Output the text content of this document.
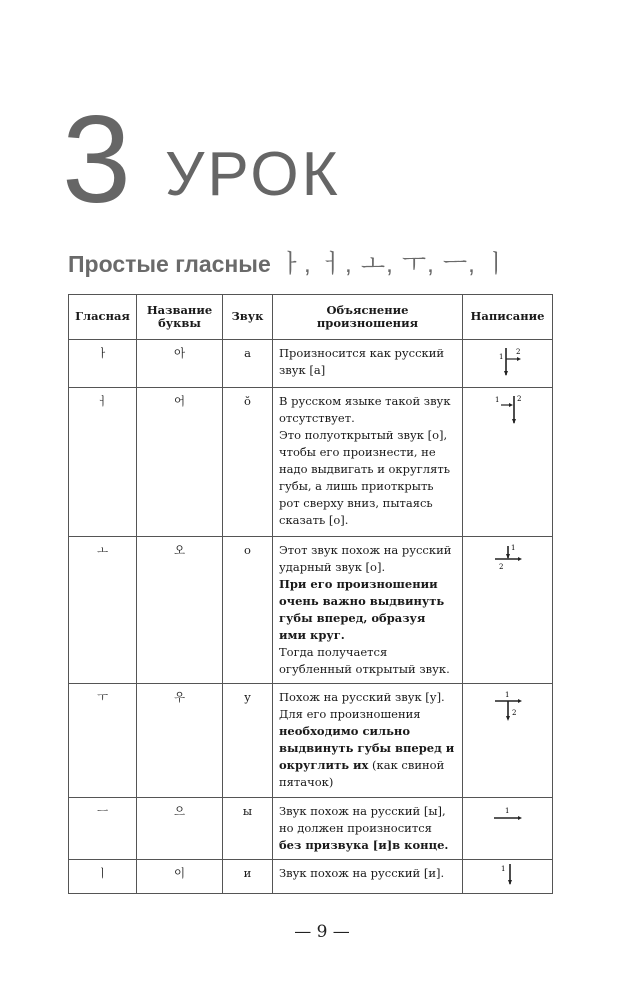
3 УРОК
Простые гласные ㅏ, ㅓ, ㅗ, ㅜ, ㅡ, ㅣ
Гласная	Название буквы	Звук	Объяснение произношения	Написание
ㅏ	아	а	Произносится как русский звук [а]	1
2

ㅓ	어	ŏ	В русском языке такой звук отсутствует.
Это полуоткрытый звук [о], чтобы его произнести, не надо выдвигать и округлять губы, а лишь приоткрыть рот сверху вниз, пытаясь сказать [о].	1 2

ㅗ	오	о	Этот звук похож на русский ударный звук [о].
При его произношении очень важно выдвинуть губы вперед, образуя ими круг.
Тогда получается огубленный открытый звук.	1
2

ㅜ	우	у	Похож на русский звук [у]. Для его произношения необходимо сильно выдвинуть губы вперед и округлить их (как свиной пятачок)	1
2

ㅡ	으	ы	Звук похож на русский [ы], но должен произносится без призвука [и]в конце.	1

ㅣ	이	и	Звук похож на русский [и].	1
— 9 —
